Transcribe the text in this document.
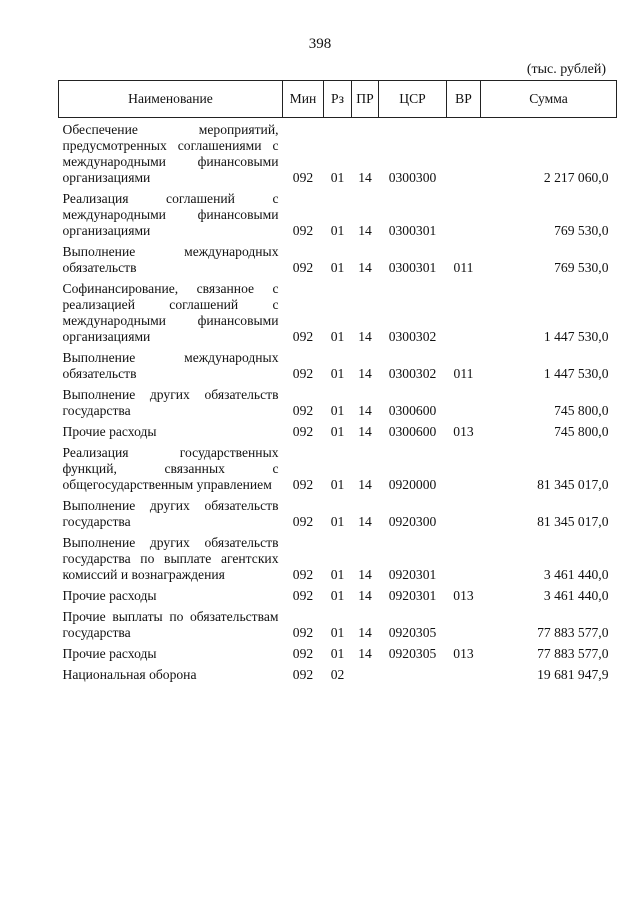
398
(тыс. рублей)
Наименование	Мин	Рз	ПР	ЦСР	ВР	Сумма
Обеспечение мероприятий, предусмотренных соглашениями с международными финансовыми организациями	092	01	14	0300300		2 217 060,0
Реализация соглашений с международными финансовыми организациями	092	01	14	0300301		769 530,0
Выполнение международных обязательств	092	01	14	0300301	011	769 530,0
Софинансирование, связанное с реализацией соглашений с международными финансовыми организациями	092	01	14	0300302		1 447 530,0
Выполнение международных обязательств	092	01	14	0300302	011	1 447 530,0
Выполнение других обязательств государства	092	01	14	0300600		745 800,0
Прочие расходы	092	01	14	0300600	013	745 800,0
Реализация государственных функций, связанных с общегосударственным управлением	092	01	14	0920000		81 345 017,0
Выполнение других обязательств государства	092	01	14	0920300		81 345 017,0
Выполнение других обязательств государства по выплате агентских комиссий и вознаграждения	092	01	14	0920301		3 461 440,0
Прочие расходы	092	01	14	0920301	013	3 461 440,0
Прочие выплаты по обязательствам государства	092	01	14	0920305		77 883 577,0
Прочие расходы	092	01	14	0920305	013	77 883 577,0
Национальная оборона	092	02				19 681 947,9
